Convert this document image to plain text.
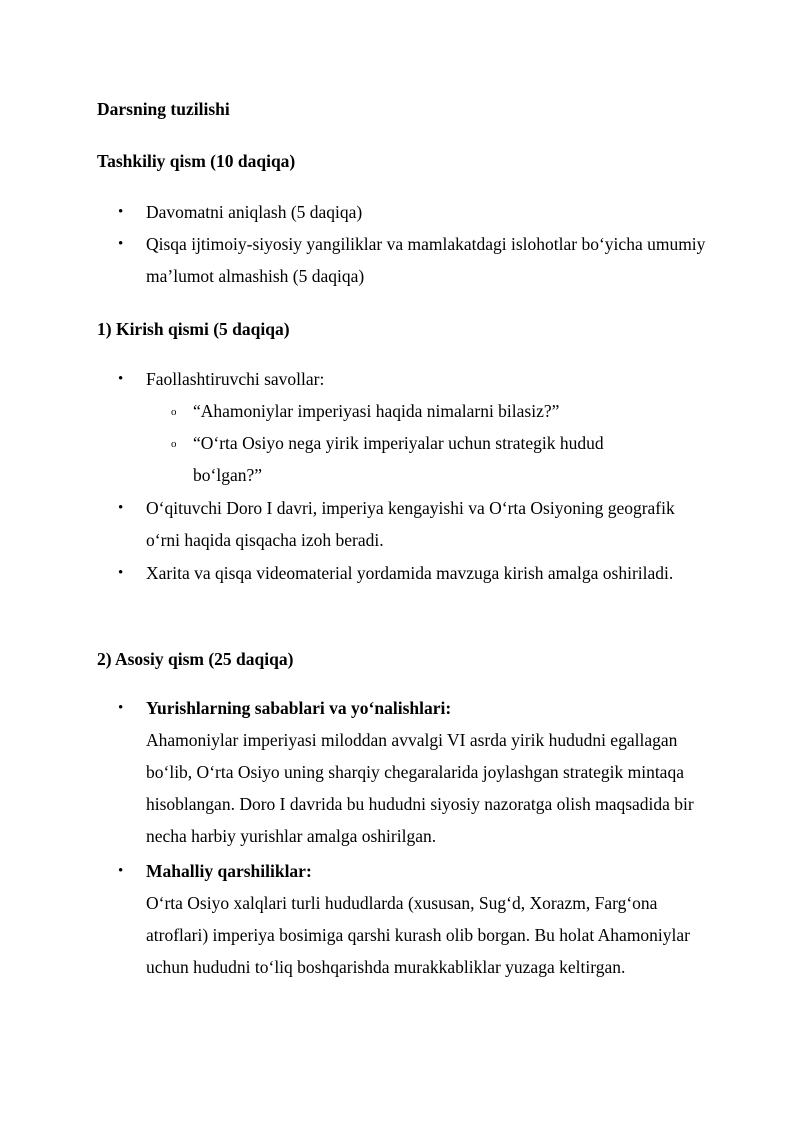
Darsning tuzilishi
Tashkiliy qism (10 daqiqa)
•	Davomatni aniqlash (5 daqiqa)
•	Qisqa ijtimoiy-siyosiy yangiliklar va mamlakatdagi islohotlar bo‘yicha umumiy ma’lumot almashish (5 daqiqa)
1) Kirish qismi (5 daqiqa)
•	Faollashtiruvchi savollar:
o “Ahamoniylar imperiyasi haqida nimalarni bilasiz?”
o “O‘rta Osiyo nega yirik imperiyalar uchun strategik hudud bo‘lgan?”
•	O‘qituvchi Doro I davri, imperiya kengayishi va O‘rta Osiyoning geografik o‘rni haqida qisqacha izoh beradi.
•	Xarita va qisqa videomaterial yordamida mavzuga kirish amalga oshiriladi.
2) Asosiy qism (25 daqiqa)
•	Yurishlarning sabablari va yo‘nalishlari:
Ahamoniylar imperiyasi miloddan avvalgi VI asrda yirik hududni egallagan bo‘lib, O‘rta Osiyo uning sharqiy chegaralarida joylashgan strategik mintaqa hisoblangan. Doro I davrida bu hududni siyosiy nazoratga olish maqsadida bir necha harbiy yurishlar amalga oshirilgan.
•	Mahalliy qarshiliklar:
O‘rta Osiyo xalqlari turli hududlarda (xususan, Sug‘d, Xorazm, Farg‘ona atroflari) imperiya bosimiga qarshi kurash olib borgan. Bu holat Ahamoniylar uchun hududni to‘liq boshqarishda murakkabliklar yuzaga keltirgan.
